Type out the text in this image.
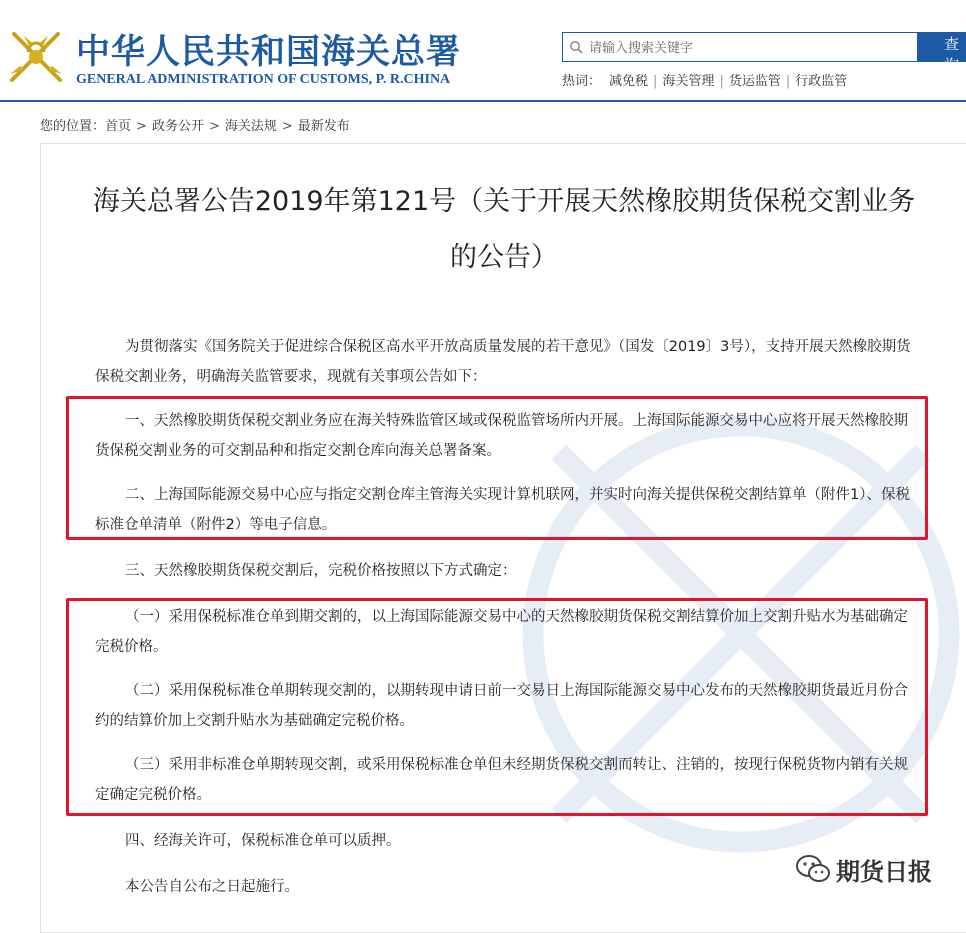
中华人民共和国海关总署
GENERAL ADMINISTRATION OF CUSTOMS, P. R.CHINA
请输入搜索关键字
查询
热词： 减免税 | 海关管理 | 货运监管 | 行政监管
您的位置：首页 > 政务公开 > 海关法规 > 最新发布
海关总署公告2019年第121号（关于开展天然橡胶期货保税交割业务的公告）
为贯彻落实《国务院关于促进综合保税区高水平开放高质量发展的若干意见》（国发〔2019〕3号），支持开展天然橡胶期货保税交割业务，明确海关监管要求，现就有关事项公告如下：
一、天然橡胶期货保税交割业务应在海关特殊监管区域或保税监管场所内开展。上海国际能源交易中心应将开展天然橡胶期货保税交割业务的可交割品种和指定交割仓库向海关总署备案。
二、上海国际能源交易中心应与指定交割仓库主管海关实现计算机联网，并实时向海关提供保税交割结算单（附件1）、保税标准仓单清单（附件2）等电子信息。
三、天然橡胶期货保税交割后，完税价格按照以下方式确定：
（一）采用保税标准仓单到期交割的，以上海国际能源交易中心的天然橡胶期货保税交割结算价加上交割升贴水为基础确定完税价格。
（二）采用保税标准仓单期转现交割的，以期转现申请日前一交易日上海国际能源交易中心发布的天然橡胶期货最近月份合约的结算价加上交割升贴水为基础确定完税价格。
（三）采用非标准仓单期转现交割，或采用保税标准仓单但未经期货保税交割而转让、注销的，按现行保税货物内销有关规定确定完税价格。
四、经海关许可，保税标准仓单可以质押。
本公告自公布之日起施行。
期货日报
